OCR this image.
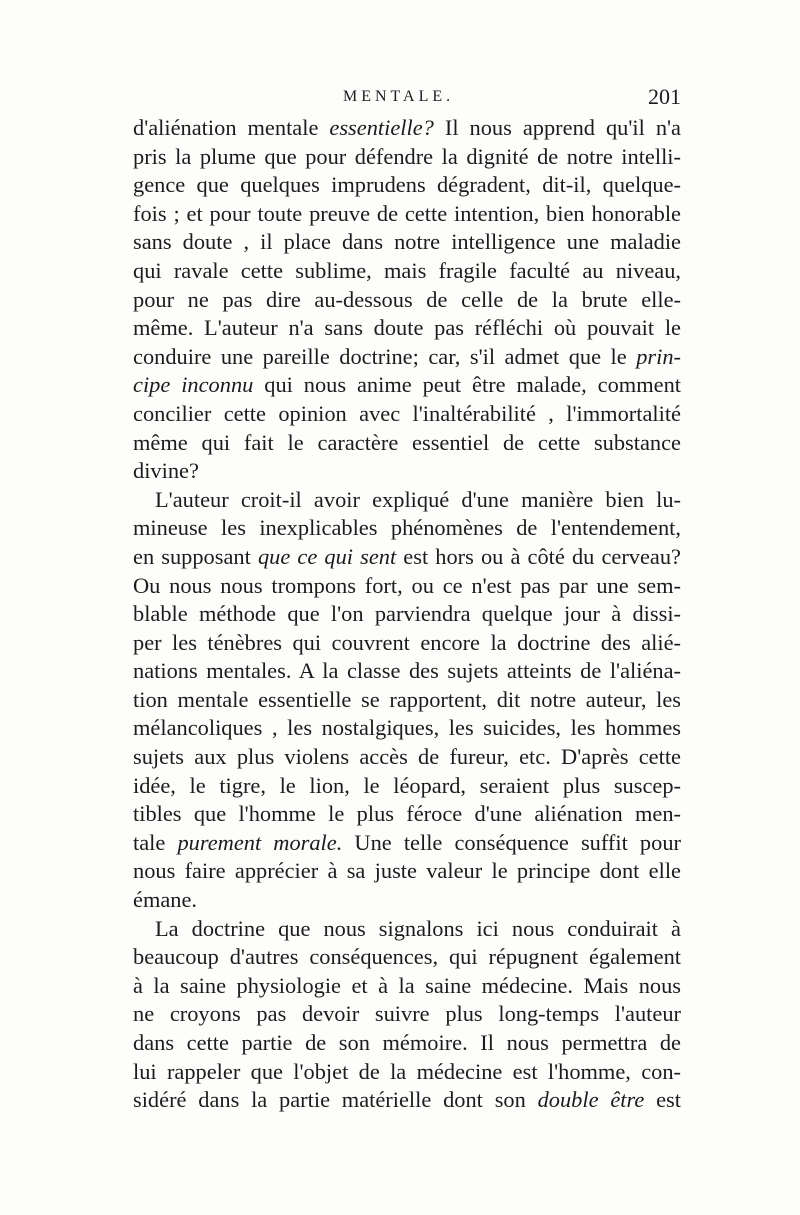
MENTALE.	201
d'aliénation mentale essentielle? Il nous apprend qu'il n'a
pris la plume que pour défendre la dignité de notre intelli-
gence que quelques imprudens dégradent, dit-il, quelque-
fois ; et pour toute preuve de cette intention, bien honorable
sans doute , il place dans notre intelligence une maladie
qui ravale cette sublime, mais fragile faculté au niveau,
pour ne pas dire au-dessous de celle de la brute elle-
même. L'auteur n'a sans doute pas réfléchi où pouvait le
conduire une pareille doctrine; car, s'il admet que le prin-
cipe inconnu qui nous anime peut être malade, comment
concilier cette opinion avec l'inaltérabilité , l'immortalité
même qui fait le caractère essentiel de cette substance
divine?
L'auteur croit-il avoir expliqué d'une manière bien lu-
mineuse les inexplicables phénomènes de l'entendement,
en supposant que ce qui sent est hors ou à côté du cerveau?
Ou nous nous trompons fort, ou ce n'est pas par une sem-
blable méthode que l'on parviendra quelque jour à dissi-
per les ténèbres qui couvrent encore la doctrine des alié-
nations mentales. A la classe des sujets atteints de l'aliéna-
tion mentale essentielle se rapportent, dit notre auteur, les
mélancoliques , les nostalgiques, les suicides, les hommes
sujets aux plus violens accès de fureur, etc. D'après cette
idée, le tigre, le lion, le léopard, seraient plus suscep-
tibles que l'homme le plus féroce d'une aliénation men-
tale purement morale. Une telle conséquence suffit pour
nous faire apprécier à sa juste valeur le principe dont elle
émane.
La doctrine que nous signalons ici nous conduirait à
beaucoup d'autres conséquences, qui répugnent également
à la saine physiologie et à la saine médecine. Mais nous
ne croyons pas devoir suivre plus long-temps l'auteur
dans cette partie de son mémoire. Il nous permettra de
lui rappeler que l'objet de la médecine est l'homme, con-
sidéré dans la partie matérielle dont son double être est
